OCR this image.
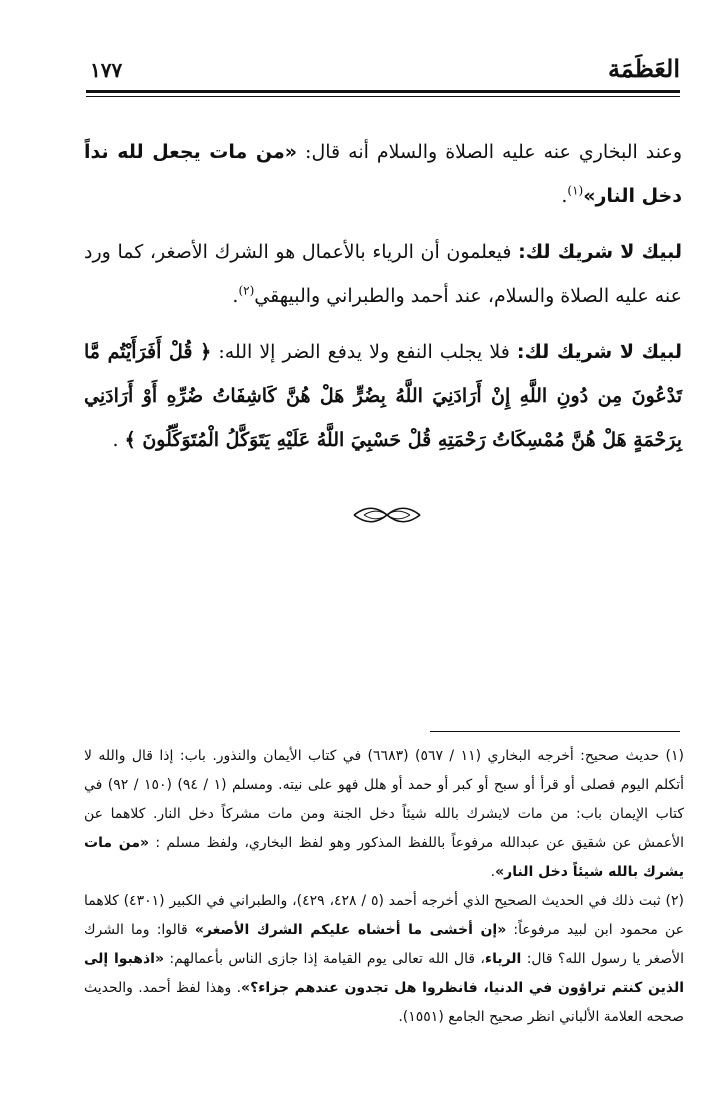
العَظَمَة
١٧٧

وعند البخاري عنه عليه الصلاة والسلام أنه قال: «من مات يجعل لله نداً دخل النار»$^{(١)}$.

لبيك لا شريك لك: فيعلمون أن الرياء بالأعمال هو الشرك الأصغر، كما ورد عنه عليه الصلاة والسلام، عند أحمد والطبراني والبيهقي$^{(٢)}$.

لبيك لا شريك لك: فلا يجلب النفع ولا يدفع الضر إلا الله: ﴿ قُلْ أَفَرَأَيْتُم مَّا تَدْعُونَ مِن دُونِ اللَّهِ إِنْ أَرَادَنِيَ اللَّهُ بِضُرٍّ هَلْ هُنَّ كَاشِفَاتُ ضُرِّهِ أَوْ أَرَادَنِي بِرَحْمَةٍ هَلْ هُنَّ مُمْسِكَاتُ رَحْمَتِهِ قُلْ حَسْبِيَ اللَّهُ عَلَيْهِ يَتَوَكَّلُ الْمُتَوَكِّلُونَ ﴾ .

(١) حديث صحيح: أخرجه البخاري (١١ / ٥٦٧) (٦٦٨٣) في كتاب الأيمان والنذور. باب: إذا قال والله لا أتكلم اليوم فصلى أو قرأ أو سبح أو كبر أو حمد أو هلل فهو على نيته. ومسلم (١ / ٩٤) (١٥٠ / ٩٢) في كتاب الإيمان باب: من مات لايشرك بالله شيئاً دخل الجنة ومن مات مشركاً دخل النار. كلاهما عن الأعمش عن شقيق عن عبدالله مرفوعاً باللفظ المذكور وهو لفظ البخاري، ولفظ مسلم : «من مات يشرك بالله شيئاً دخل النار».

(٢) ثبت ذلك في الحديث الصحيح الذي أخرجه أحمد (٥ / ٤٢٨، ٤٢٩)، والطبراني في الكبير (٤٣٠١) كلاهما عن محمود ابن لبيد مرفوعاً: «إن أخشى ما أخشاه عليكم الشرك الأصغر» قالوا: وما الشرك الأصغر يا رسول الله؟ قال: الرياء، قال الله تعالى يوم القيامة إذا جازى الناس بأعمالهم: «اذهبوا إلى الذين كنتم تراؤون في الدنيا، فانظروا هل تجدون عندهم جزاء؟». وهذا لفظ أحمد. والحديث صححه العلامة الألباني انظر صحيح الجامع (١٥٥١).
